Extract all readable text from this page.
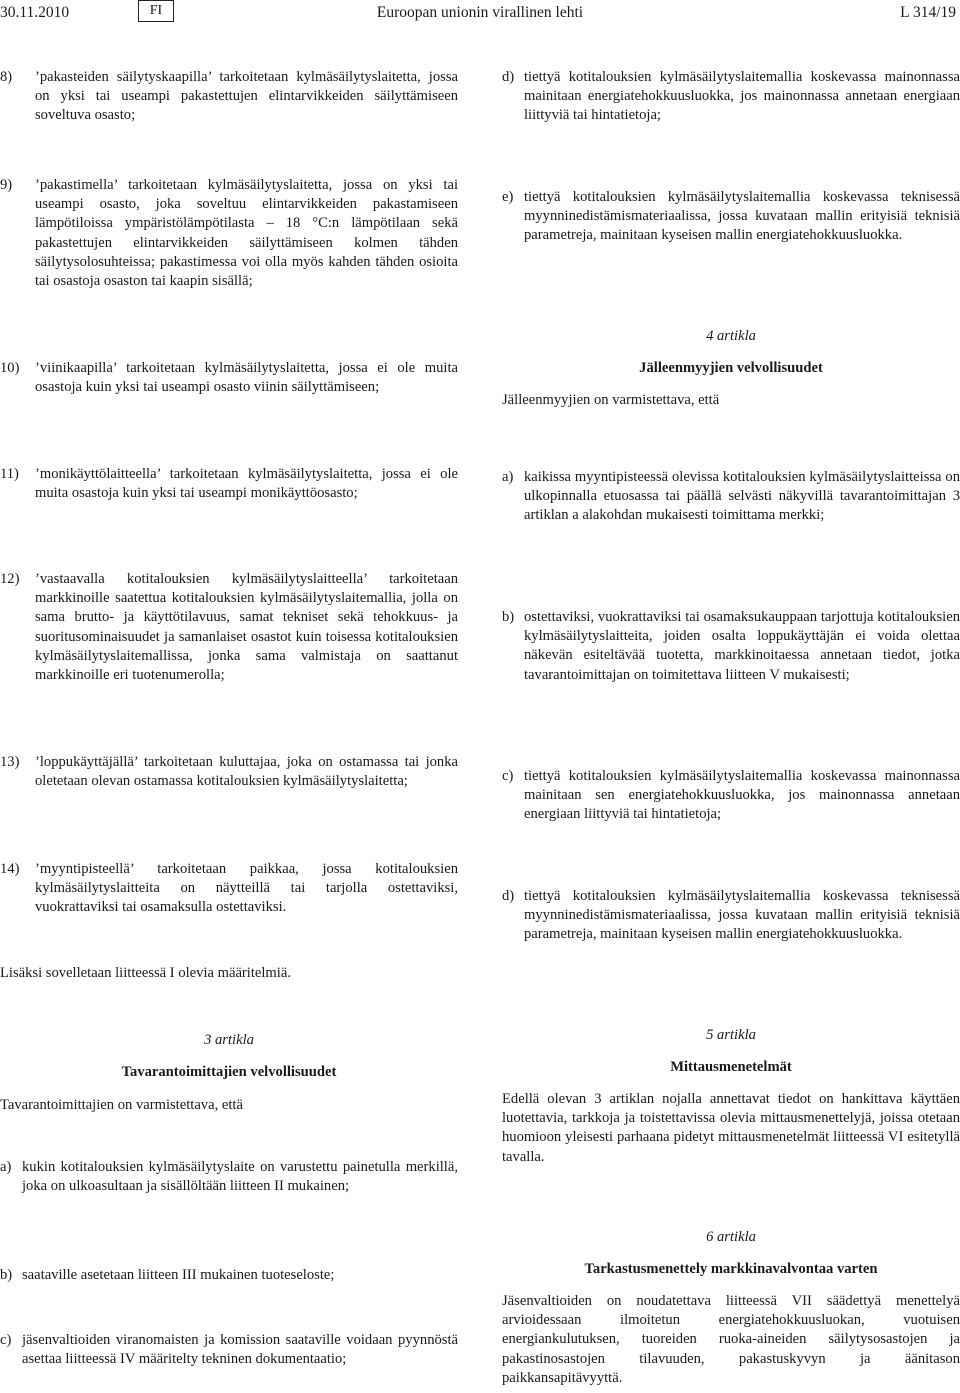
30.11.2010	FI	Euroopan unionin virallinen lehti	L 314/19
8) ’pakasteiden säilytyskaapilla’ tarkoitetaan kylmäsäilytyslaitetta, jossa on yksi tai useampi pakastettujen elintarvikkeiden säilyttämiseen soveltuva osasto;
9) ’pakastimella’ tarkoitetaan kylmäsäilytyslaitetta, jossa on yksi tai useampi osasto, joka soveltuu elintarvikkeiden pakastamiseen lämpötiloissa ympäristölämpötilasta – 18 °C:n lämpötilaan sekä pakastettujen elintarvikkeiden säilyttämiseen kolmen tähden säilytysolosuhteissa; pakastimessa voi olla myös kahden tähden osioita tai osastoja osaston tai kaapin sisällä;
10) ’viinikaapilla’ tarkoitetaan kylmäsäilytyslaitetta, jossa ei ole muita osastoja kuin yksi tai useampi osasto viinin säilyttämiseen;
11) ’monikäyttölaitteella’ tarkoitetaan kylmäsäilytyslaitetta, jossa ei ole muita osastoja kuin yksi tai useampi monikäyttöosasto;
12) ’vastaavalla kotitalouksien kylmäsäilytyslaitteella’ tarkoitetaan markkinoille saatettua kotitalouksien kylmäsäilytyslaitemallia, jolla on sama brutto- ja käyttötilavuus, samat tekniset sekä tehokkuus- ja suoritusominaisuudet ja samanlaiset osastot kuin toisessa kotitalouksien kylmäsäilytyslaitemallissa, jonka sama valmistaja on saattanut markkinoille eri tuotenumerolla;
13) ’loppukäyttäjällä’ tarkoitetaan kuluttajaa, joka on ostamassa tai jonka oletetaan olevan ostamassa kotitalouksien kylmäsäilytyslaitetta;
14) ’myyntipisteellä’ tarkoitetaan paikkaa, jossa kotitalouksien kylmäsäilytyslaitteita on näytteillä tai tarjolla ostettaviksi, vuokrattaviksi tai osamaksulla ostettaviksi.
Lisäksi sovelletaan liitteessä I olevia määritelmiä.
3 artikla
Tavarantoimittajien velvollisuudet
Tavarantoimittajien on varmistettava, että
a) kukin kotitalouksien kylmäsäilytyslaite on varustettu painetulla merkillä, joka on ulkoasultaan ja sisällöltään liitteen II mukainen;
b) saataville asetetaan liitteen III mukainen tuoteseloste;
c) jäsenvaltioiden viranomaisten ja komission saataville voidaan pyynnöstä asettaa liitteessä IV määritelty tekninen dokumentaatio;
d) tiettyä kotitalouksien kylmäsäilytyslaitemallia koskevassa mainonnassa mainitaan energiatehokkuusluokka, jos mainonnassa annetaan energiaan liittyviä tai hintatietoja;
e) tiettyä kotitalouksien kylmäsäilytyslaitemallia koskevassa teknisessä myynninedistämismateriaalissa, jossa kuvataan mallin erityisiä teknisiä parametreja, mainitaan kyseisen mallin energiatehokkuusluokka.
4 artikla
Jälleenmyyjien velvollisuudet
Jälleenmyyjien on varmistettava, että
a) kaikissa myyntipisteessä olevissa kotitalouksien kylmäsäilytyslaitteissa on ulkopinnalla etuosassa tai päällä selvästi näkyvillä tavarantoimittajan 3 artiklan a alakohdan mukaisesti toimittama merkki;
b) ostettaviksi, vuokrattaviksi tai osamaksukauppaan tarjottuja kotitalouksien kylmäsäilytyslaitteita, joiden osalta loppukäyttäjän ei voida olettaa näkevän esiteltävää tuotetta, markkinoitaessa annetaan tiedot, jotka tavarantoimittajan on toimitettava liitteen V mukaisesti;
c) tiettyä kotitalouksien kylmäsäilytyslaitemallia koskevassa mainonnassa mainitaan sen energiatehokkuusluokka, jos mainonnassa annetaan energiaan liittyviä tai hintatietoja;
d) tiettyä kotitalouksien kylmäsäilytyslaitemallia koskevassa teknisessä myynninedistämismateriaalissa, jossa kuvataan mallin erityisiä teknisiä parametreja, mainitaan kyseisen mallin energiatehokkuusluokka.
5 artikla
Mittausmenetelmät
Edellä olevan 3 artiklan nojalla annettavat tiedot on hankittava käyttäen luotettavia, tarkkoja ja toistettavissa olevia mittausmenettelyjä, joissa otetaan huomioon yleisesti parhaana pidetyt mittausmenetelmät liitteessä VI esitetyllä tavalla.
6 artikla
Tarkastusmenettely markkinavalvontaa varten
Jäsenvaltioiden on noudatettava liitteessä VII säädettyä menettelyä arvioidessaan ilmoitetun energiatehokkuusluokan, vuotuisen energiankulutuksen, tuoreiden ruoka-aineiden säilytysosastojen ja pakastinosastojen tilavuuden, pakastuskyvyn ja äänitason paikkansapitävyyttä.
